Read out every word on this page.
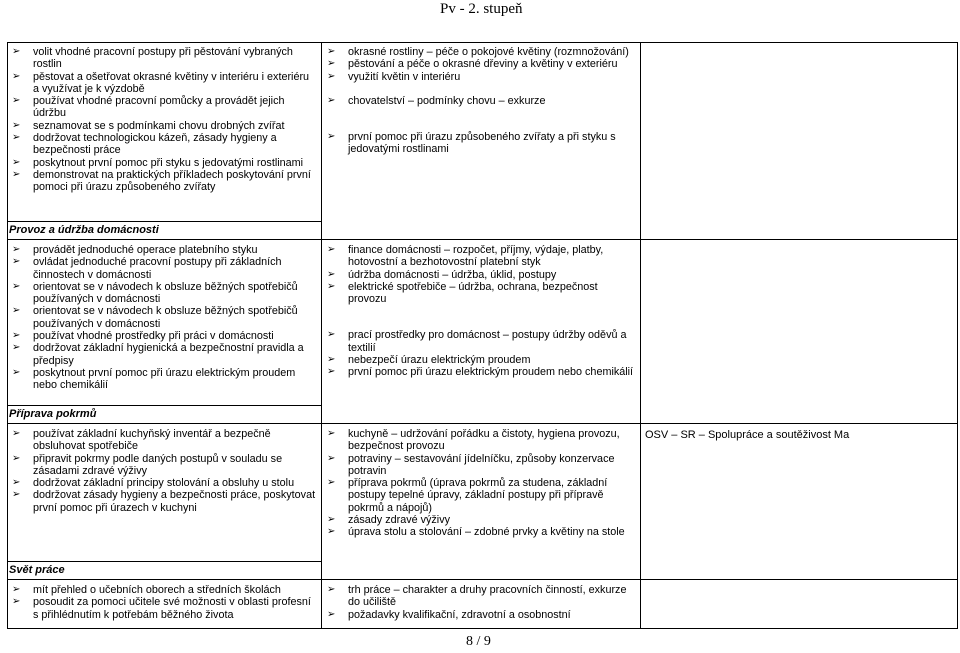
Pv - 2. stupeň
Provoz a údržba domácnosti
Příprava pokrmů
Svět práce
➢ volit vhodné pracovní postupy při pěstování vybraných rostlin
➢ pěstovat a ošetřovat okrasné květiny v interiéru i exteriéru a využívat je k výzdobě
➢ používat vhodné pracovní pomůcky a provádět jejich údržbu
➢ seznamovat se s podmínkami chovu drobných zvířat
➢ dodržovat technologickou kázeň, zásady hygieny a bezpečnosti práce
➢ poskytnout první pomoc při styku s jedovatými rostlinami
➢ demonstrovat na praktických příkladech poskytování první pomoci při úrazu způsobeného zvířaty
➢ okrasné rostliny – péče o pokojové květiny (rozmnožování)
➢ pěstování a péče o okrasné dřeviny a květiny v exteriéru
➢ využití květin v interiéru
➢ chovatelství – podmínky chovu – exkurze
➢ první pomoc při úrazu způsobeného zvířaty a při styku s jedovatými rostlinami
➢ provádět jednoduché operace platebního styku
➢ ovládat jednoduché pracovní postupy při základních činnostech v domácnosti
➢ orientovat se v návodech k obsluze běžných spotřebičů používaných v domácnosti
➢ orientovat se v návodech k obsluze běžných spotřebičů používaných v domácnosti
➢ používat vhodné prostředky při práci v domácnosti
➢ dodržovat základní hygienická a bezpečnostní pravidla a předpisy
➢ poskytnout první pomoc při úrazu elektrickým proudem nebo chemikálií
➢ finance domácnosti – rozpočet, příjmy, výdaje, platby, hotovostní a bezhotovostní platební styk
➢ údržba domácnosti – údržba, úklid, postupy
➢ elektrické spotřebiče – údržba, ochrana, bezpečnost provozu
➢ prací prostředky pro domácnost – postupy údržby oděvů a textilií
➢ nebezpečí úrazu elektrickým proudem
➢ první pomoc při úrazu elektrickým proudem nebo chemikálií
➢ používat základní kuchyňský inventář a bezpečně obsluhovat spotřebiče
➢ připravit pokrmy podle daných postupů v souladu se zásadami zdravé výživy
➢ dodržovat základní principy stolování a obsluhy u stolu
➢ dodržovat zásady hygieny a bezpečnosti práce, poskytovat první pomoc při úrazech v kuchyni
➢ kuchyně – udržování pořádku a čistoty, hygiena provozu, bezpečnost provozu
➢ potraviny – sestavování jídelníčku, způsoby konzervace potravin
➢ příprava pokrmů (úprava pokrmů za studena, základní postupy tepelné úpravy, základní postupy při přípravě pokrmů a nápojů)
➢ zásady zdravé výživy
➢ úprava stolu a stolování – zdobné prvky a květiny na stole
OSV – SR – Spolupráce a soutěživost Ma
➢ mít přehled o učebních oborech a středních školách
➢ posoudit za pomoci učitele své možnosti v oblasti profesní s přihlédnutím k potřebám běžného života
➢ trh práce – charakter a druhy pracovních činností, exkurze do učiliště
➢ požadavky kvalifikační, zdravotní a osobnostní
8 / 9
